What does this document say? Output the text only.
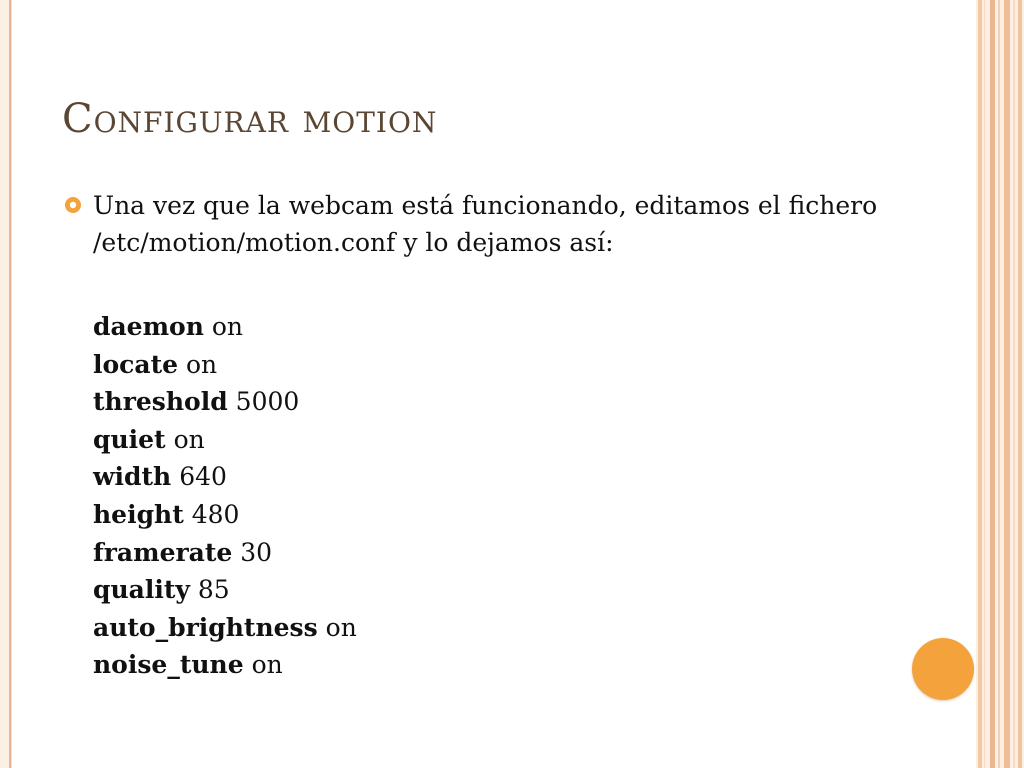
Configurar motion

Una vez que la webcam está funcionando, editamos el fichero /etc/motion/motion.conf y lo dejamos así:

daemon on
locate on
threshold 5000
quiet on
width 640
height 480
framerate 30
quality 85
auto_brightness on
noise_tune on
